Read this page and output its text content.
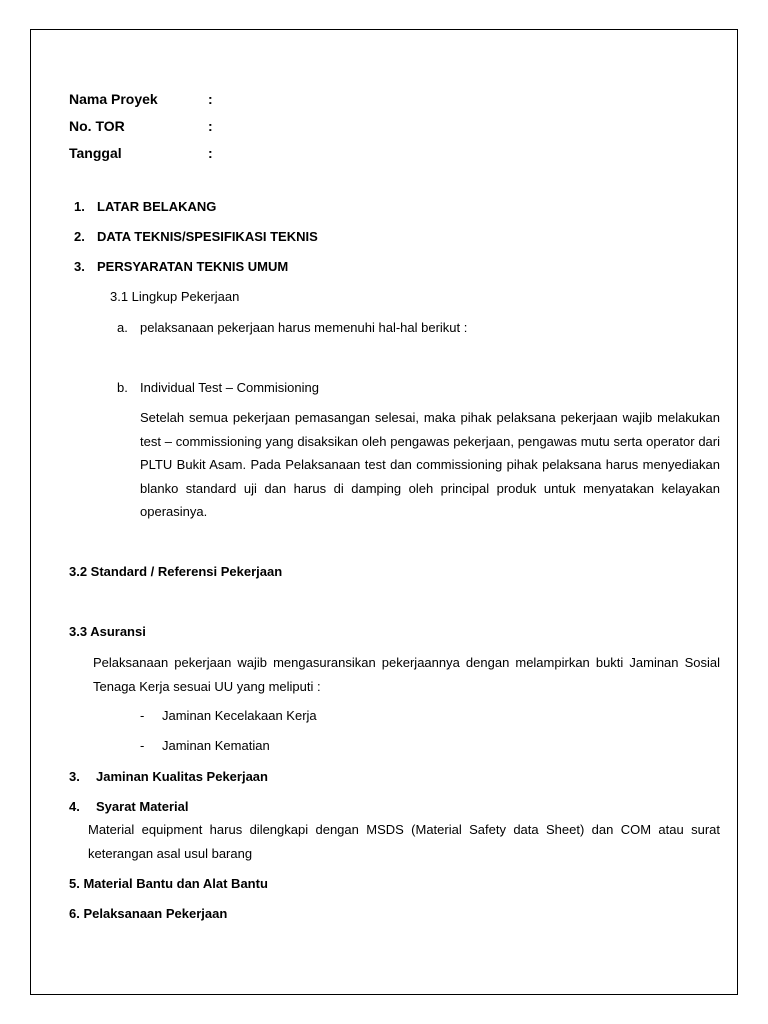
Nama Proyek	:
No. TOR	:
Tanggal	:
1. LATAR BELAKANG
2. DATA TEKNIS/SPESIFIKASI TEKNIS
3. PERSYARATAN TEKNIS UMUM
3.1 Lingkup Pekerjaan
a. pelaksanaan pekerjaan harus memenuhi hal-hal berikut :
b. Individual Test – Commisioning
Setelah semua pekerjaan pemasangan selesai, maka pihak pelaksana pekerjaan wajib melakukan test – commissioning yang disaksikan oleh pengawas pekerjaan, pengawas mutu serta operator dari PLTU Bukit Asam. Pada Pelaksanaan test dan commissioning pihak pelaksana harus menyediakan blanko standard uji dan harus di damping oleh principal produk untuk menyatakan kelayakan operasinya.
3.2 Standard / Referensi Pekerjaan
3.3 Asuransi
Pelaksanaan pekerjaan wajib mengasuransikan pekerjaannya dengan melampirkan bukti Jaminan Sosial Tenaga Kerja sesuai UU yang meliputi :
- Jaminan Kecelakaan Kerja
- Jaminan Kematian
3. Jaminan Kualitas Pekerjaan
4. Syarat Material
Material equipment harus dilengkapi dengan MSDS (Material Safety data Sheet) dan COM atau surat keterangan asal usul barang
5. Material Bantu dan Alat Bantu
6. Pelaksanaan Pekerjaan
